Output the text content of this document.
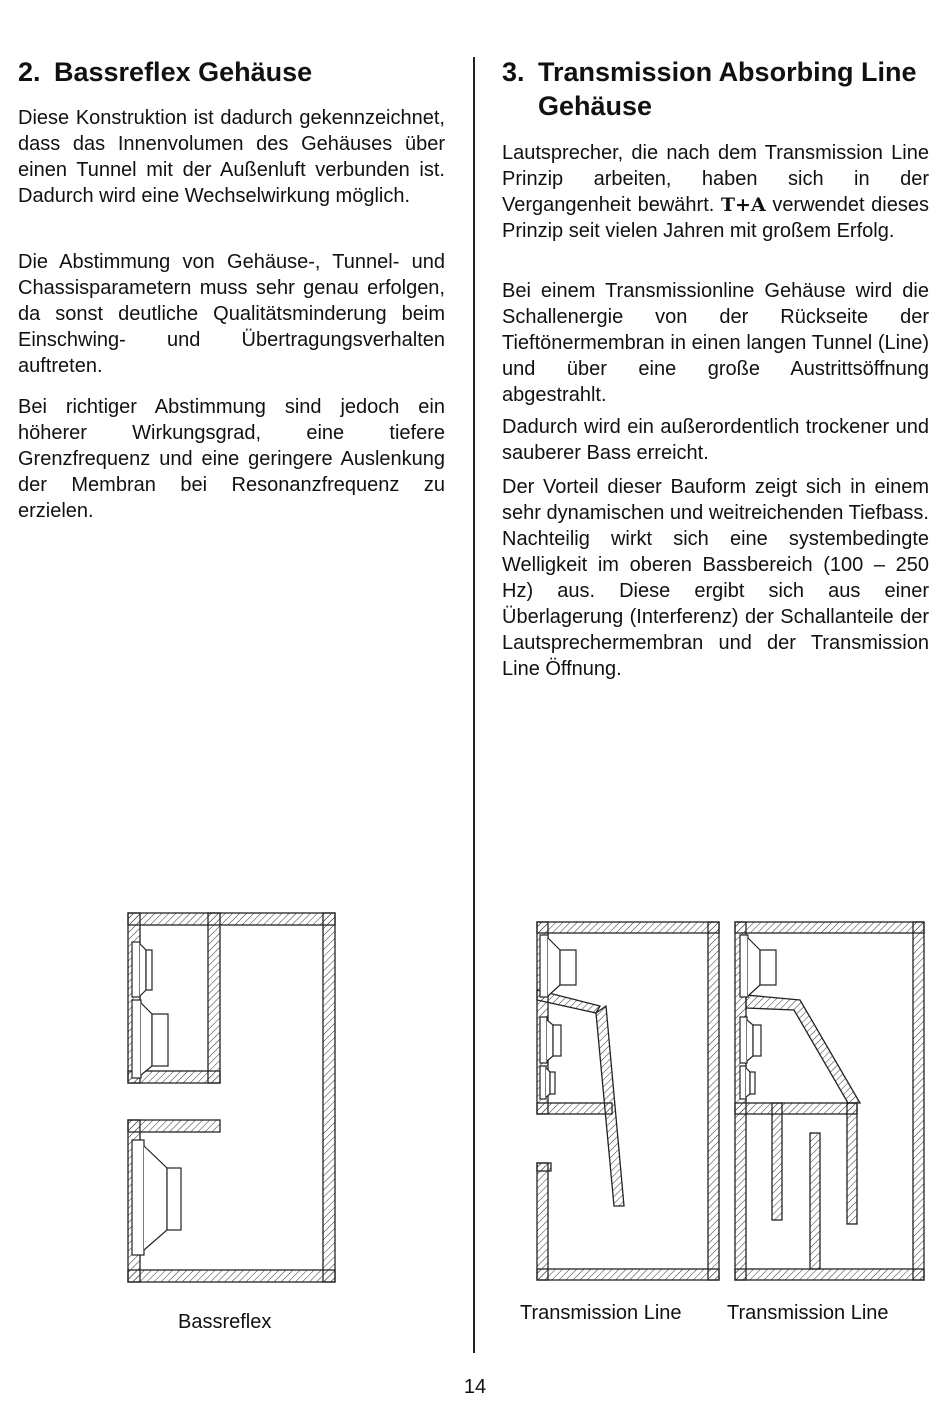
2. Bassreflex Gehäuse

Diese Konstruktion ist dadurch gekennzeichnet, dass das Innenvolumen des Gehäuses über einen Tunnel mit der Außenluft verbunden ist. Dadurch wird eine Wechselwirkung möglich.

Die Abstimmung von Gehäuse-, Tunnel- und Chassisparametern muss sehr genau erfolgen, da sonst deutliche Qualitätsminderung beim Einschwing- und Übertragungsverhalten auftreten.

Bei richtiger Abstimmung sind jedoch ein höherer Wirkungsgrad, eine tiefere Grenzfrequenz und eine geringere Auslenkung der Membran bei Resonanzfrequenz zu erzielen.

3. Transmission Absorbing Line Gehäuse

Lautsprecher, die nach dem Transmission Line Prinzip arbeiten, haben sich in der Vergangenheit bewährt. T+A verwendet dieses Prinzip seit vielen Jahren mit großem Erfolg.

Bei einem Transmissionline Gehäuse wird die Schallenergie von der Rückseite der Tieftönermembran in einen langen Tunnel (Line) und über eine große Austrittsöffnung abgestrahlt.

Dadurch wird ein außerordentlich trockener und sauberer Bass erreicht.

Der Vorteil dieser Bauform zeigt sich in einem sehr dynamischen und weitreichenden Tiefbass. Nachteilig wirkt sich eine systembedingte Welligkeit im oberen Bassbereich (100 – 250 Hz) aus. Diese ergibt sich aus einer Überlagerung (Interferenz) der Schallanteile der Lautsprechermembran und der Transmission Line Öffnung.

Bassreflex	Transmission Line Transmission Line
14
